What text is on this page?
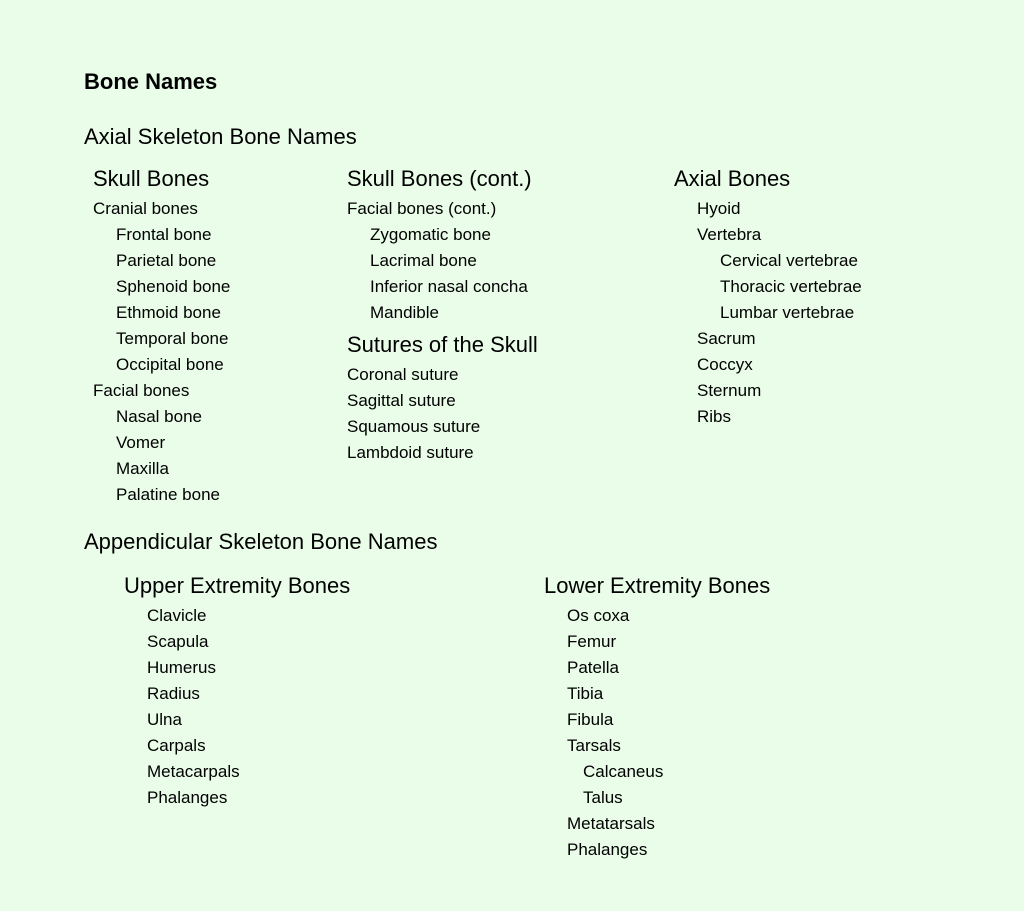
Bone Names
Axial Skeleton Bone Names
Skull Bones
Cranial bones
Frontal bone
Parietal bone
Sphenoid bone
Ethmoid bone
Temporal bone
Occipital bone
Facial bones
Nasal bone
Vomer
Maxilla
Palatine bone
Skull Bones (cont.)
Facial bones (cont.)
Zygomatic bone
Lacrimal bone
Inferior nasal concha
Mandible
Sutures of the Skull
Coronal suture
Sagittal suture
Squamous suture
Lambdoid suture
Axial Bones
Hyoid
Vertebra
Cervical vertebrae
Thoracic vertebrae
Lumbar vertebrae
Sacrum
Coccyx
Sternum
Ribs
Appendicular Skeleton Bone Names
Upper Extremity Bones
Clavicle
Scapula
Humerus
Radius
Ulna
Carpals
Metacarpals
Phalanges
Lower Extremity Bones
Os coxa
Femur
Patella
Tibia
Fibula
Tarsals
Calcaneus
Talus
Metatarsals
Phalanges
